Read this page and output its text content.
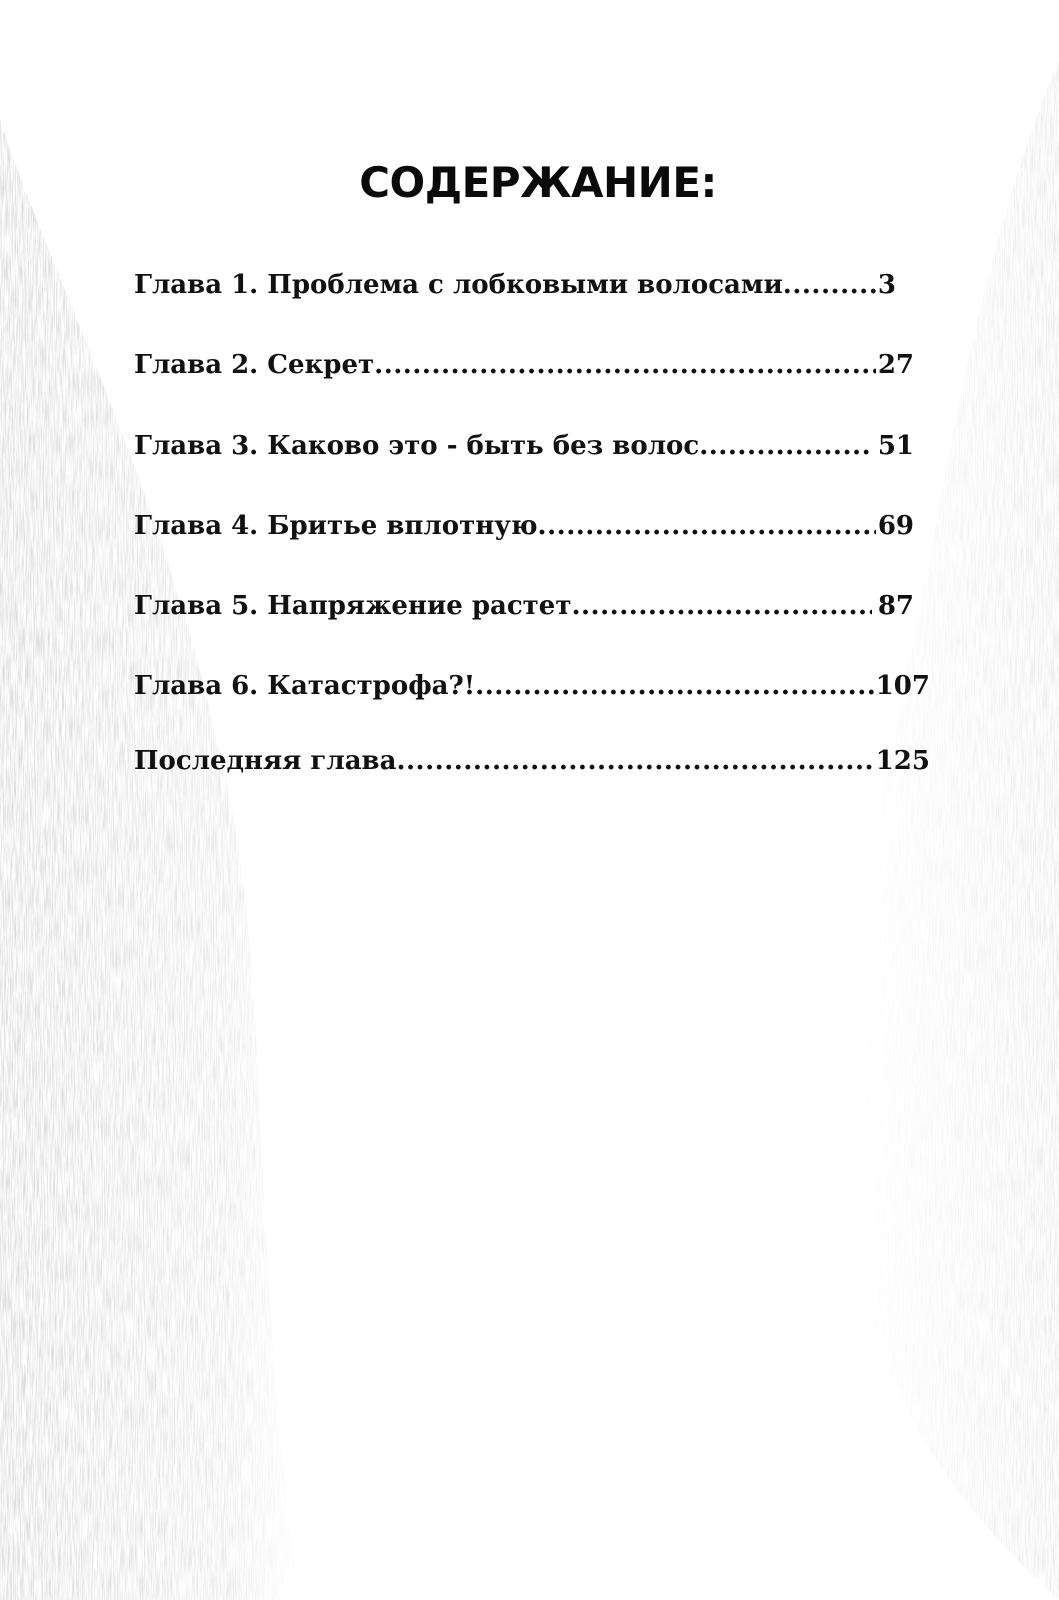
СОДЕРЖАНИЕ:
Глава 1. Проблема с лобковыми волосами .....	3
Глава 2. Секрет .....	27
Глава 3. Каково это - быть без волос .....	51
Глава 4. Бритье вплотную .....	69
Глава 5. Напряжение растет .....	87
Глава 6. Катастрофа?! .....	107
Последняя глава .....	125
